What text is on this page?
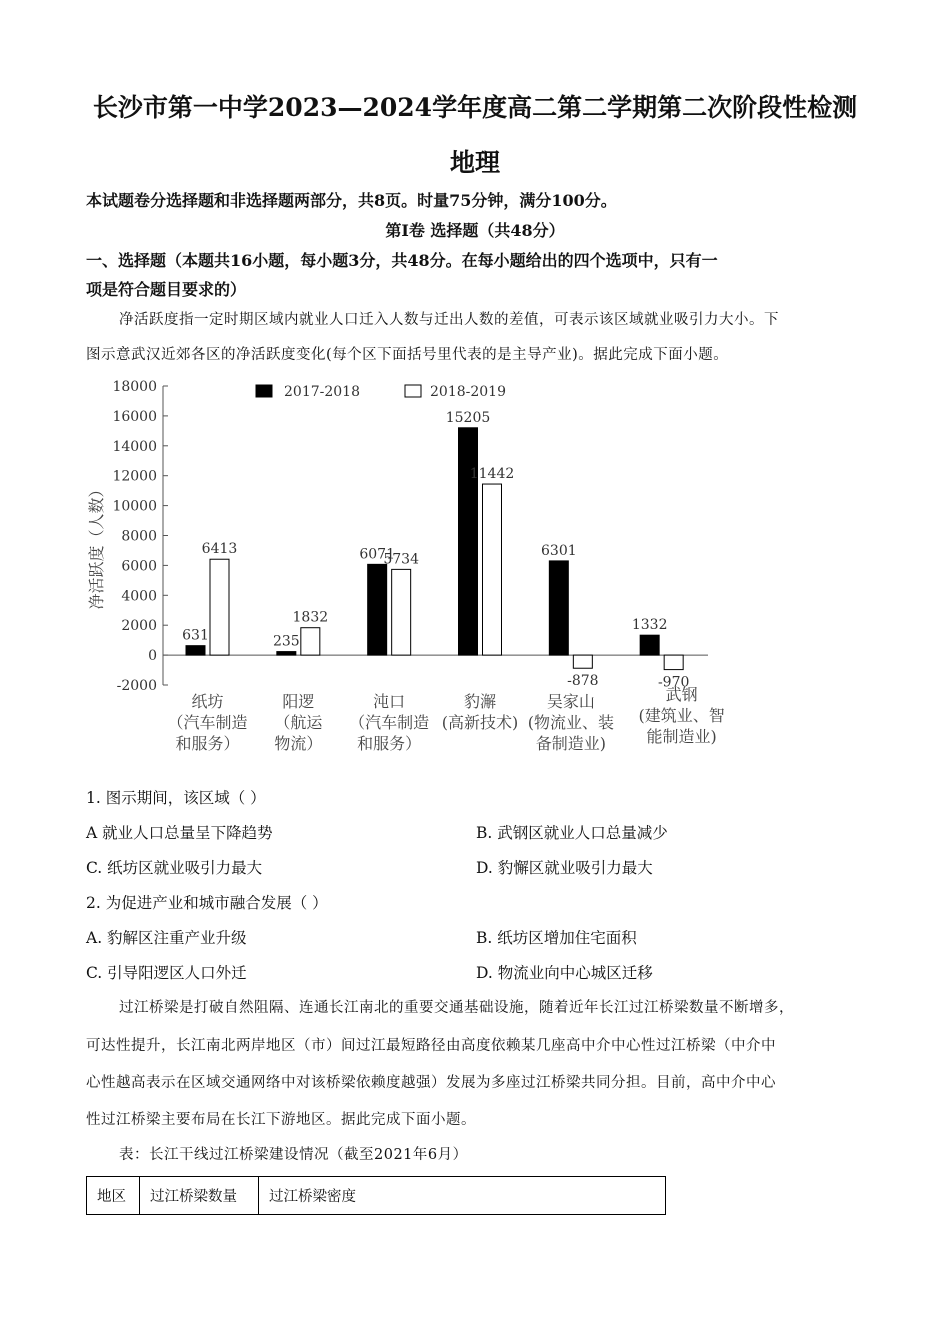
长沙市第一中学2023—2024学年度高二第二学期第二次阶段性检测
地理
本试题卷分选择题和非选择题两部分，共8页。时量75分钟，满分100分。
第Ⅰ卷 选择题（共48分）
一、选择题（本题共16小题，每小题3分，共48分。在每小题给出的四个选项中，只有一
项是符合题目要求的）
净活跃度指一定时期区域内就业人口迁入人数与迁出人数的差值，可表示该区域就业吸引力大小。下
图示意武汉近郊各区的净活跃度变化(每个区下面括号里代表的是主导产业)。据此完成下面小题。
18000
16000
14000
12000
10000
8000
6000
4000
2000
0
-2000
净活跃度（人数）
2017-2018	2018-2019
631
6413
纸坊
（汽车制造
和服务）
235
1832
阳逻
（航运
物流）
6071
5734
沌口
（汽车制造
和服务）
15205
11442
豹澥
(高新技术)
6301
-878
吴家山
(物流业、装
备制造业)
1332
-970
武钢
(建筑业、智
能制造业)
1. 图示期间，该区域（ ）
A 就业人口总量呈下降趋势	B. 武钢区就业人口总量减少
C. 纸坊区就业吸引力最大	D. 豹懈区就业吸引力最大
2. 为促进产业和城市融合发展（ ）
A. 豹解区注重产业升级	B. 纸坊区增加住宅面积
C. 引导阳逻区人口外迁	D. 物流业向中心城区迁移
过江桥梁是打破自然阻隔、连通长江南北的重要交通基础设施，随着近年长江过江桥梁数量不断增多，
可达性提升，长江南北两岸地区（市）间过江最短路径由高度依赖某几座高中介中心性过江桥梁（中介中
心性越高表示在区域交通网络中对该桥梁依赖度越强）发展为多座过江桥梁共同分担。目前，高中介中心
性过江桥梁主要布局在长江下游地区。据此完成下面小题。
表：长江干线过江桥梁建设情况（截至2021年6月）
地区	过江桥梁数量	过江桥梁密度
